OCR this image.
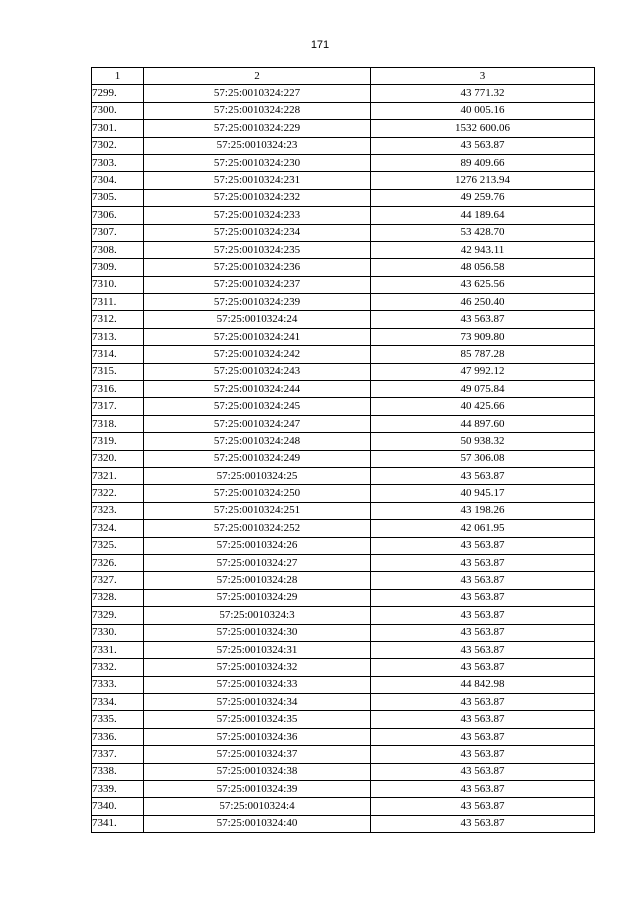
171
1	2	3
7299.	57:25:0010324:227	43 771.32
7300.	57:25:0010324:228	40 005.16
7301.	57:25:0010324:229	1532 600.06
7302.	57:25:0010324:23	43 563.87
7303.	57:25:0010324:230	89 409.66
7304.	57:25:0010324:231	1276 213.94
7305.	57:25:0010324:232	49 259.76
7306.	57:25:0010324:233	44 189.64
7307.	57:25:0010324:234	53 428.70
7308.	57:25:0010324:235	42 943.11
7309.	57:25:0010324:236	48 056.58
7310.	57:25:0010324:237	43 625.56
7311.	57:25:0010324:239	46 250.40
7312.	57:25:0010324:24	43 563.87
7313.	57:25:0010324:241	73 909.80
7314.	57:25:0010324:242	85 787.28
7315.	57:25:0010324:243	47 992.12
7316.	57:25:0010324:244	49 075.84
7317.	57:25:0010324:245	40 425.66
7318.	57:25:0010324:247	44 897.60
7319.	57:25:0010324:248	50 938.32
7320.	57:25:0010324:249	57 306.08
7321.	57:25:0010324:25	43 563.87
7322.	57:25:0010324:250	40 945.17
7323.	57:25:0010324:251	43 198.26
7324.	57:25:0010324:252	42 061.95
7325.	57:25:0010324:26	43 563.87
7326.	57:25:0010324:27	43 563.87
7327.	57:25:0010324:28	43 563.87
7328.	57:25:0010324:29	43 563.87
7329.	57:25:0010324:3	43 563.87
7330.	57:25:0010324:30	43 563.87
7331.	57:25:0010324:31	43 563.87
7332.	57:25:0010324:32	43 563.87
7333.	57:25:0010324:33	44 842.98
7334.	57:25:0010324:34	43 563.87
7335.	57:25:0010324:35	43 563.87
7336.	57:25:0010324:36	43 563.87
7337.	57:25:0010324:37	43 563.87
7338.	57:25:0010324:38	43 563.87
7339.	57:25:0010324:39	43 563.87
7340.	57:25:0010324:4	43 563.87
7341.	57:25:0010324:40	43 563.87
